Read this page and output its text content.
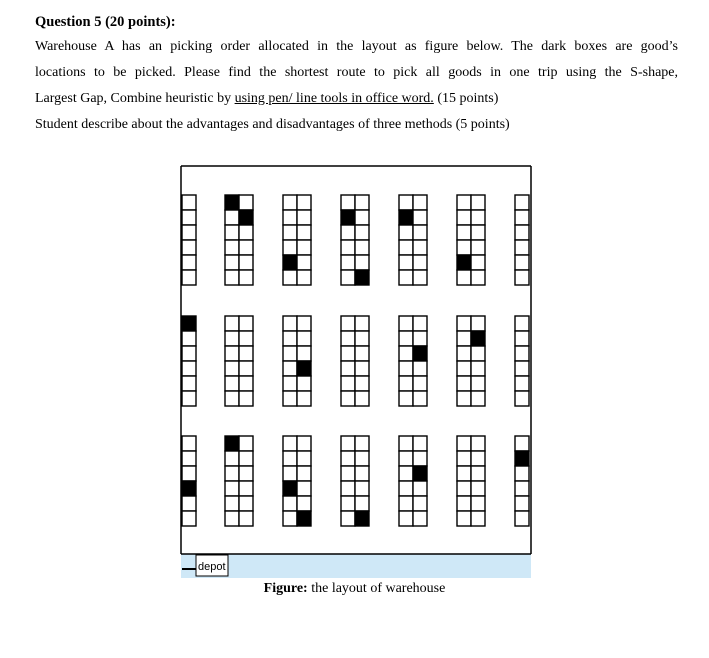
Question 5 (20 points):
Warehouse A has an picking order allocated in the layout as figure below. The dark boxes are good’s
locations to be picked. Please find the shortest route to pick all goods in one trip using the S-shape,
Largest Gap, Combine heuristic by using pen/ line tools in office word. (15 points)
Student describe about the advantages and disadvantages of three methods (5 points)
depot
Figure: the layout of warehouse
